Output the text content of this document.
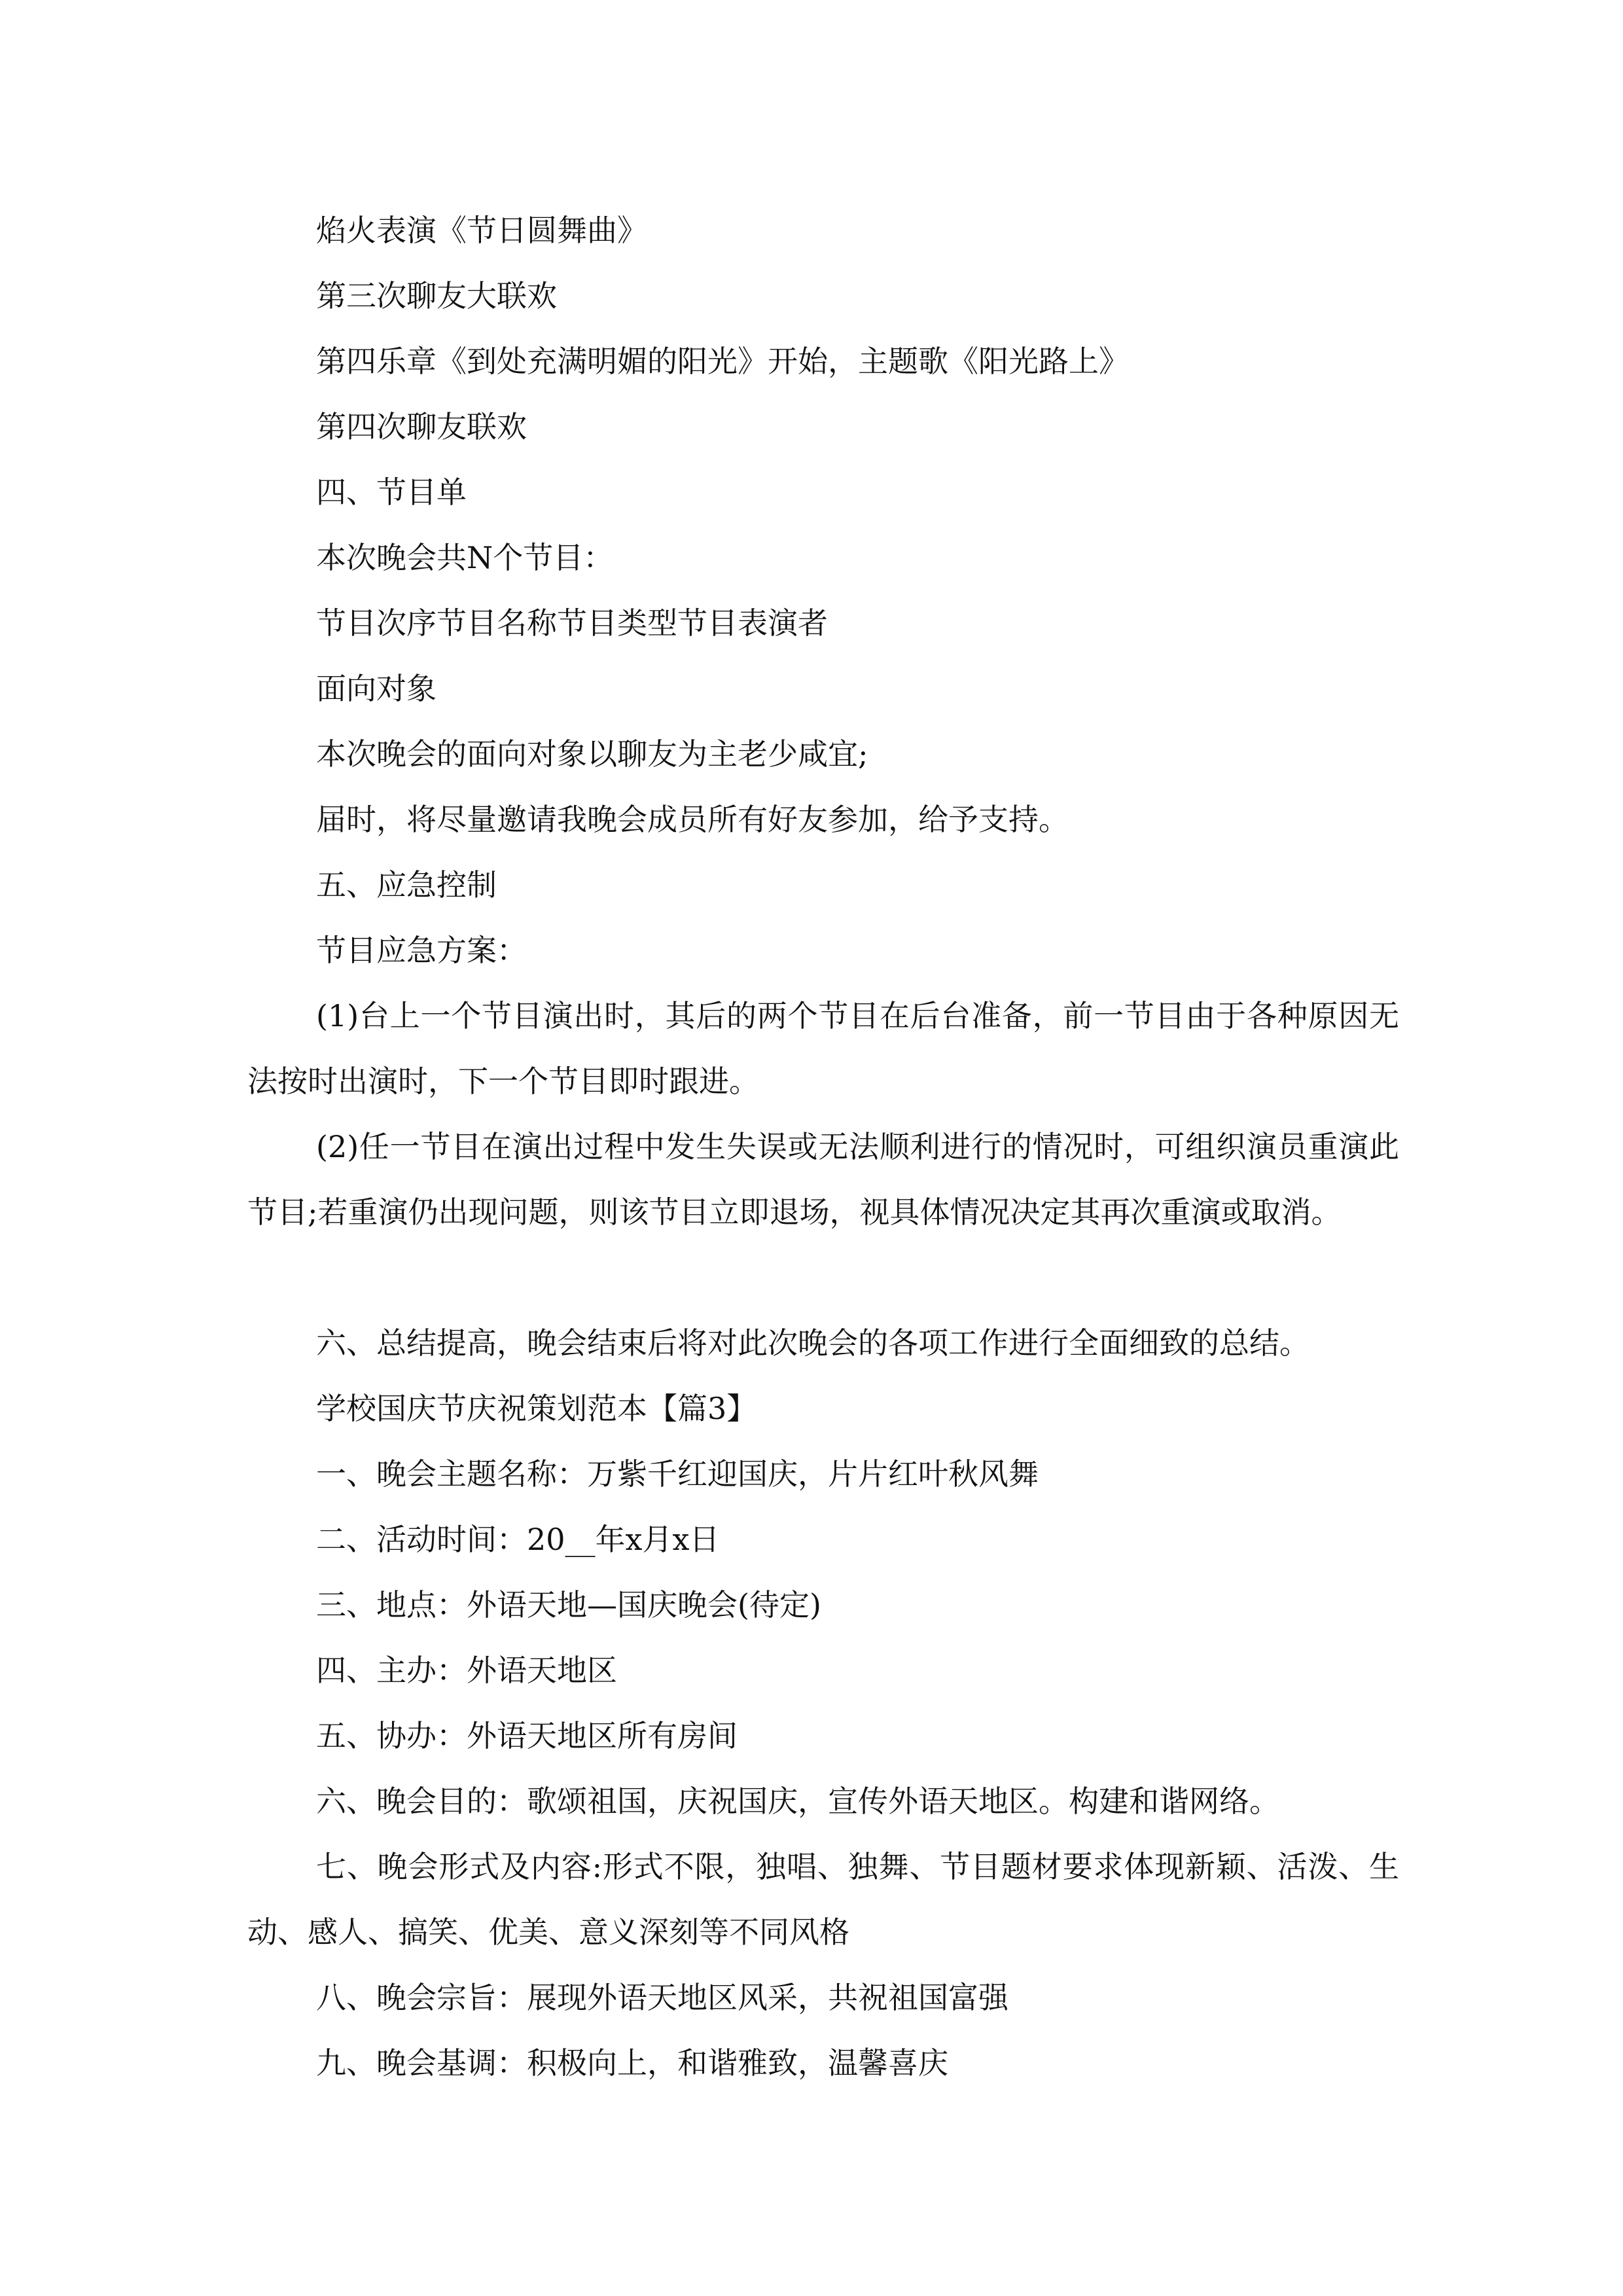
焰火表演《节日圆舞曲》

第三次聊友大联欢

第四乐章《到处充满明媚的阳光》开始，主题歌《阳光路上》

第四次聊友联欢

四、节目单

本次晚会共N个节目：

节目次序节目名称节目类型节目表演者

面向对象

本次晚会的面向对象以聊友为主老少咸宜;

届时，将尽量邀请我晚会成员所有好友参加，给予支持。

五、应急控制

节目应急方案：

(1)台上一个节目演出时，其后的两个节目在后台准备，前一节目由于各种原因无法按时出演时，下一个节目即时跟进。

(2)任一节目在演出过程中发生失误或无法顺利进行的情况时，可组织演员重演此节目;若重演仍出现问题，则该节目立即退场，视具体情况决定其再次重演或取消。

六、总结提高，晚会结束后将对此次晚会的各项工作进行全面细致的总结。

学校国庆节庆祝策划范本【篇3】

一、晚会主题名称：万紫千红迎国庆，片片红叶秋风舞

二、活动时间：20__年x月x日

三、地点：外语天地—国庆晚会(待定)

四、主办：外语天地区

五、协办：外语天地区所有房间

六、晚会目的：歌颂祖国，庆祝国庆，宣传外语天地区。构建和谐网络。

七、晚会形式及内容:形式不限，独唱、独舞、节目题材要求体现新颖、活泼、生动、感人、搞笑、优美、意义深刻等不同风格

八、晚会宗旨：展现外语天地区风采，共祝祖国富强

九、晚会基调：积极向上，和谐雅致，温馨喜庆
